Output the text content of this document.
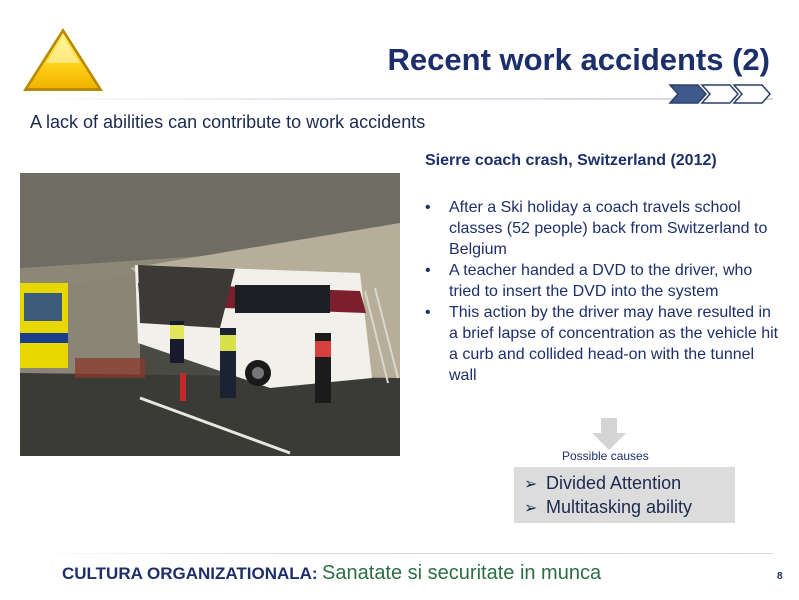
Recent work accidents (2)
A lack of abilities can contribute to work accidents
Sierre coach crash, Switzerland (2012)
• After a Ski holiday a coach travels school classes (52 people) back from Switzerland to Belgium
• A teacher handed a DVD to the driver, who tried to insert the DVD into the system
• This action by the driver may have resulted in a brief lapse of concentration as the vehicle hit a curb and collided head-on with the tunnel wall
Possible causes
➢ Divided Attention
➢ Multitasking ability
CULTURA ORGANIZATIONALA: Sanatate si securitate in munca	8
